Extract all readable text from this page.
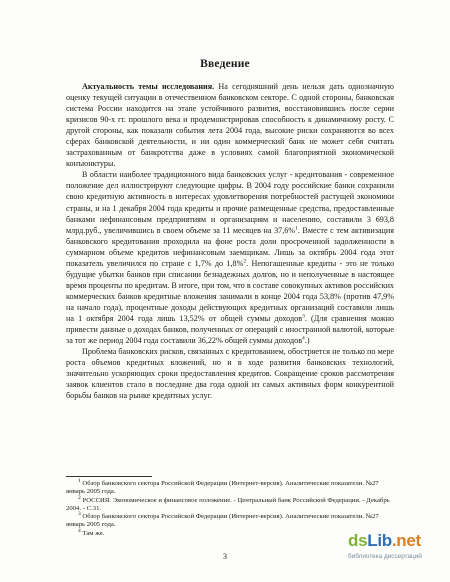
Введение

Актуальность темы исследования. На сегодняшний день нельзя дать однозначную оценку текущей ситуации в отечественном банковском секторе. С одной стороны, банковская система России находится на этапе устойчивого развития, восстановившись после серии кризисов 90-х гг. прошлого века и продемонстрировав способность к динамичному росту. С другой стороны, как показали события лета 2004 года, высокие риски сохраняются во всех сферах банковской деятельности, и ни один коммерческий банк не может себя считать застрахованным от банкротства даже в условиях самой благоприятной экономической конъюнктуры.

В области наиболее традиционного вида банковских услуг - кредитования - современное положение дел иллюстрируют следующие цифры. В 2004 году российские банки сохранили свою кредитную активность в интересах удовлетворения потребностей растущей экономики страны, и на 1 декабря 2004 года кредиты и прочие размещенные средства, предоставленные банками нефинансовым предприятиям и организациям и населению, составили 3 693,8 млрд.руб., увеличившись в своем объеме за 11 месяцев на 37,6%$^1$. Вместе с тем активизация банковского кредитования проходила на фоне роста доли просроченной задолженности в суммарном объеме кредитов нефинансовым заемщикам. Лишь за октябрь 2004 года этот показатель увеличился по стране с 1,7% до 1,8%$^2$. Непогашенные кредиты - это не только будущие убытки банков при списании безнадежных долгов, но и неполученные в настоящее время проценты по кредитам. В итоге, при том, что в составе совокупных активов российских коммерческих банков кредитные вложения занимали в конце 2004 года 53,8% (против 47,9% на начало года), процентные доходы действующих кредитных организаций составили лишь на 1 октября 2004 года лишь 13,52% от общей суммы доходов$^3$. (Для сравнения можно привести данные о доходах банков, полученных от операций с иностранной валютой, которые за тот же период 2004 года составили 36,22% общей суммы доходов$^4$.)

Проблема банковских рисков, связанных с кредитованием, обостряется не только по мере роста объемов кредитных вложений, но и в ходе развития банковских технологий, значительно ускоряющих сроки предоставления кредитов. Сокращение сроков рассмотрения заявок клиентов стало в последние два года одной из самых активных форм конкурентной борьбы банков на рынке кредитных услуг.

$^1$ Обзор банковского сектора Российской Федерации (Интернет-версия). Аналитические показатели. №27 январь 2005 года.

$^2$ РОССИЯ. Экономическое и финансовое положение. - Центральный банк Российской Федерации. - Декабрь 2004. - С.31.

$^3$ Обзор банковского сектора Российской Федерации (Интернет-версия). Аналитические показатели. №27 январь 2005 года.

$^4$ Там же.

3
dsLib.net
библиотека диссертаций
